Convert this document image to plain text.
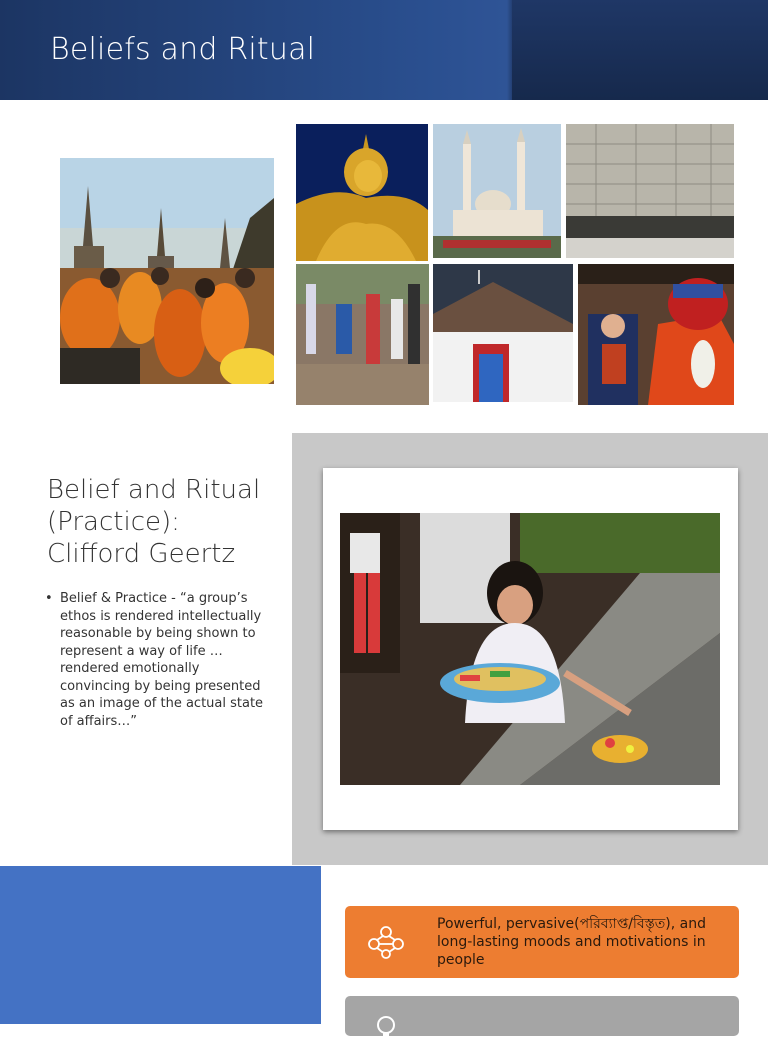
Beliefs and Ritual
Belief and Ritual
(Practice):
Clifford Geertz
• Belief & Practice - “a group’s ethos is rendered intellectually reasonable by being shown to represent a way of life … rendered emotionally convincing by being presented as an image of the actual state of affairs…”
Powerful, pervasive(পরিব্যাপ্ত/বিস্তৃত), and long-lasting moods and motivations in people
